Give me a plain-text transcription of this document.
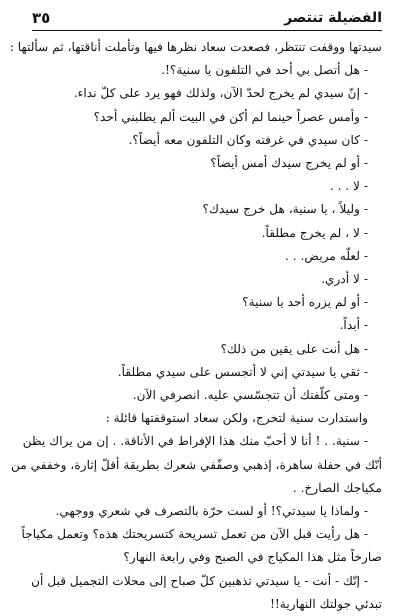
الفضيلة تنتصر
٣٥
سيدتها ووقفت تنتظر، فصعدت سعاد نظرها فيها وتأملت أناقتها، ثم سألتها :
- هل أتصل بي أحد في التلفون يا سنية؟!.
- إنّ سيدي لم يخرج لحدّ الآن، ولذلك فهو يرد على كلّ نداء.
- وأمس عصراً حينما لم أكن في البيت ألم يطلبني أحد؟
- كان سيدي في غرفته وكان التلفون معه أيضاً؟.
- أو لم يخرج سيدك أمس أيضاً؟
- لا . . .
- وليلاً ، يا سنية، هل خرج سيدك؟
- لا ، لم يخرج مطلقاً.
- لعلّه مريض. . .
- لا أدري.
- أو لم يزره أحد يا سنية؟
- أبداً.
- هل أنت على يقين من ذلك؟
- ثقي يا سيدتي إني لا أتجسس على سيدي مطلقاً.
- ومتى كلّفتك أن تتجسّسي عليه. انصرفي الآن.
واستدارت سنية لتخرج، ولكن سعاد استوقفتها قائلة :
- سنية. . ! أنا لا أحبّ منك هذا الإفراط في الأناقة. . إن من يراك يظن
أنّك في حفلة ساهرة، إذهبي وصفّفي شعرك بطريقة أقلّ إثارة، وخففي من
مكياجك الصارخ. .
- ولماذا يا سيدتي؟! أو لست حرّة بالتصرف في شعري ووجهي.
- هل رأيت قبل الآن من تعمل تسريحة كتسريحتك هذه؟ وتعمل مكياجاً
صارخاً مثل هذا المكياج في الصبح وفي رابعة النهار؟
- إنّك - أنت - يا سيدتي تذهبين كلّ صباح إلى محلات التجميل قبل أن
تبدئي جولتك النهارية!!
